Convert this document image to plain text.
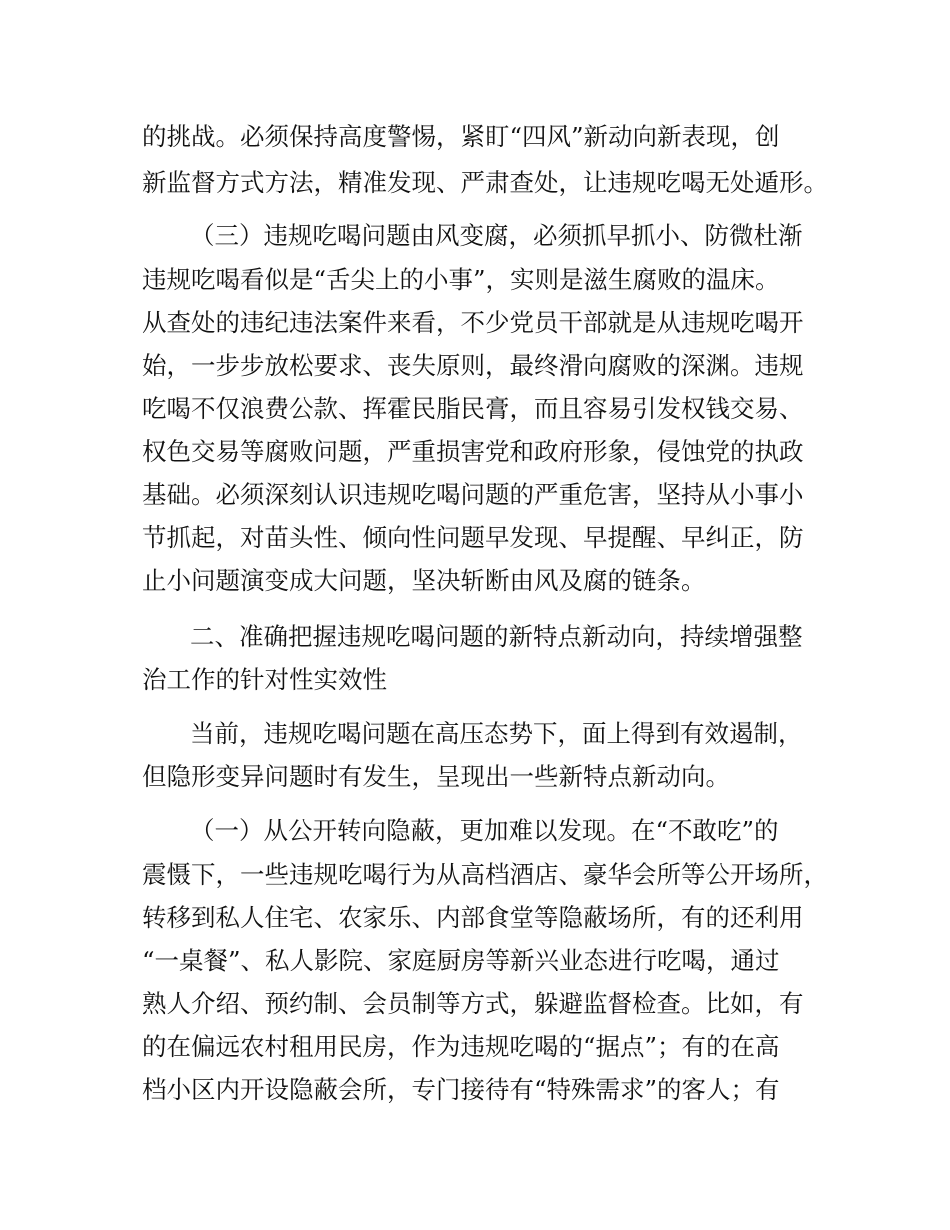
的挑战。必须保持高度警惕，紧盯“四风”新动向新表现，创
新监督方式方法，精准发现、严肃查处，让违规吃喝无处遁形。
（三）违规吃喝问题由风变腐，必须抓早抓小、防微杜渐
违规吃喝看似是“舌尖上的小事”，实则是滋生腐败的温床。
从查处的违纪违法案件来看，不少党员干部就是从违规吃喝开
始，一步步放松要求、丧失原则，最终滑向腐败的深渊。违规
吃喝不仅浪费公款、挥霍民脂民膏，而且容易引发权钱交易、
权色交易等腐败问题，严重损害党和政府形象，侵蚀党的执政
基础。必须深刻认识违规吃喝问题的严重危害，坚持从小事小
节抓起，对苗头性、倾向性问题早发现、早提醒、早纠正，防
止小问题演变成大问题，坚决斩断由风及腐的链条。
二、准确把握违规吃喝问题的新特点新动向，持续增强整
治工作的针对性实效性
当前，违规吃喝问题在高压态势下，面上得到有效遏制，
但隐形变异问题时有发生，呈现出一些新特点新动向。
（一）从公开转向隐蔽，更加难以发现。在“不敢吃”的
震慑下，一些违规吃喝行为从高档酒店、豪华会所等公开场所，
转移到私人住宅、农家乐、内部食堂等隐蔽场所，有的还利用
“一桌餐”、私人影院、家庭厨房等新兴业态进行吃喝，通过
熟人介绍、预约制、会员制等方式，躲避监督检查。比如，有
的在偏远农村租用民房，作为违规吃喝的“据点”；有的在高
档小区内开设隐蔽会所，专门接待有“特殊需求”的客人；有
